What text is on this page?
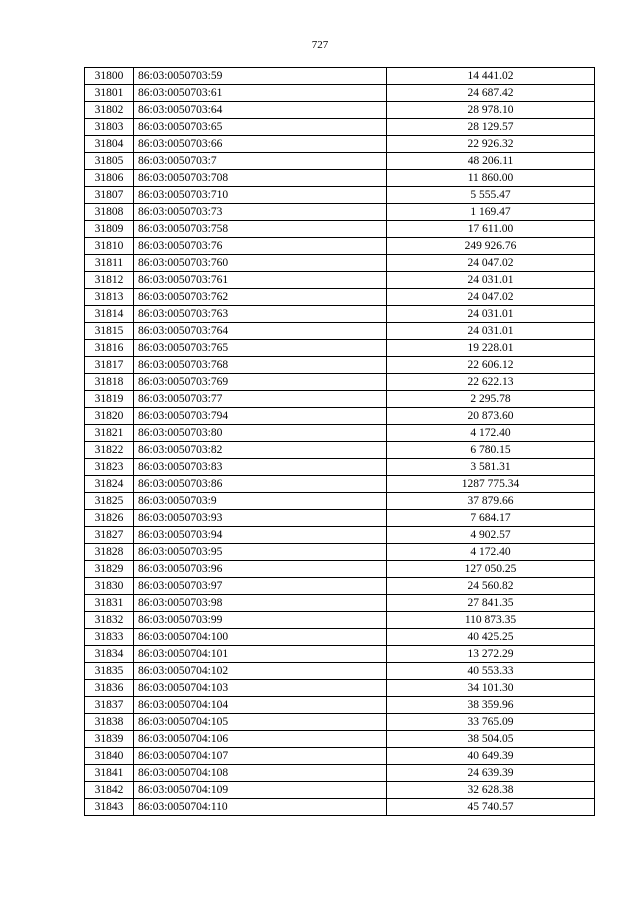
727
31800	86:03:0050703:59	14 441.02
31801	86:03:0050703:61	24 687.42
31802	86:03:0050703:64	28 978.10
31803	86:03:0050703:65	28 129.57
31804	86:03:0050703:66	22 926.32
31805	86:03:0050703:7	48 206.11
31806	86:03:0050703:708	11 860.00
31807	86:03:0050703:710	5 555.47
31808	86:03:0050703:73	1 169.47
31809	86:03:0050703:758	17 611.00
31810	86:03:0050703:76	249 926.76
31811	86:03:0050703:760	24 047.02
31812	86:03:0050703:761	24 031.01
31813	86:03:0050703:762	24 047.02
31814	86:03:0050703:763	24 031.01
31815	86:03:0050703:764	24 031.01
31816	86:03:0050703:765	19 228.01
31817	86:03:0050703:768	22 606.12
31818	86:03:0050703:769	22 622.13
31819	86:03:0050703:77	2 295.78
31820	86:03:0050703:794	20 873.60
31821	86:03:0050703:80	4 172.40
31822	86:03:0050703:82	6 780.15
31823	86:03:0050703:83	3 581.31
31824	86:03:0050703:86	1287 775.34
31825	86:03:0050703:9	37 879.66
31826	86:03:0050703:93	7 684.17
31827	86:03:0050703:94	4 902.57
31828	86:03:0050703:95	4 172.40
31829	86:03:0050703:96	127 050.25
31830	86:03:0050703:97	24 560.82
31831	86:03:0050703:98	27 841.35
31832	86:03:0050703:99	110 873.35
31833	86:03:0050704:100	40 425.25
31834	86:03:0050704:101	13 272.29
31835	86:03:0050704:102	40 553.33
31836	86:03:0050704:103	34 101.30
31837	86:03:0050704:104	38 359.96
31838	86:03:0050704:105	33 765.09
31839	86:03:0050704:106	38 504.05
31840	86:03:0050704:107	40 649.39
31841	86:03:0050704:108	24 639.39
31842	86:03:0050704:109	32 628.38
31843	86:03:0050704:110	45 740.57
